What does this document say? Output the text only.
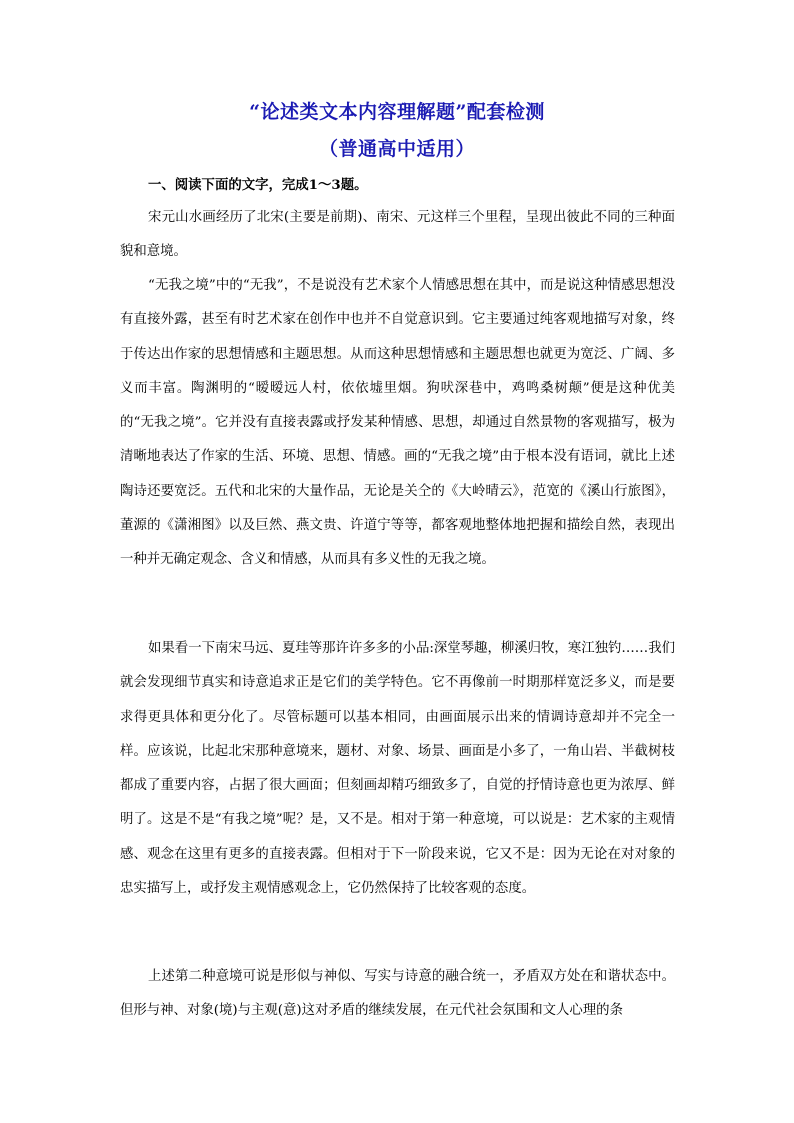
“论述类文本内容理解题”配套检测
（普通高中适用）
一、阅读下面的文字，完成1～3题。

宋元山水画经历了北宋(主要是前期)、南宋、元这样三个里程，呈现出彼此不同的三种面貌和意境。

“无我之境”中的“无我”，不是说没有艺术家个人情感思想在其中，而是说这种情感思想没有直接外露，甚至有时艺术家在创作中也并不自觉意识到。它主要通过纯客观地描写对象，终于传达出作家的思想情感和主题思想。从而这种思想情感和主题思想也就更为宽泛、广阔、多义而丰富。陶渊明的“暧暧远人村，依依墟里烟。狗吠深巷中，鸡鸣桑树颠”便是这种优美的“无我之境”。它并没有直接表露或抒发某种情感、思想，却通过自然景物的客观描写，极为清晰地表达了作家的生活、环境、思想、情感。画的“无我之境”由于根本没有语词，就比上述陶诗还要宽泛。五代和北宋的大量作品，无论是关仝的《大岭晴云》，范宽的《溪山行旅图》，董源的《潇湘图》以及巨然、燕文贵、许道宁等等，都客观地整体地把握和描绘自然，表现出一种并无确定观念、含义和情感，从而具有多义性的无我之境。

如果看一下南宋马远、夏珪等那许许多多的小品:深堂琴趣，柳溪归牧，寒江独钓……我们就会发现细节真实和诗意追求正是它们的美学特色。它不再像前一时期那样宽泛多义，而是要求得更具体和更分化了。尽管标题可以基本相同，由画面展示出来的情调诗意却并不完全一样。应该说，比起北宋那种意境来，题材、对象、场景、画面是小多了，一角山岩、半截树枝都成了重要内容，占据了很大画面；但刻画却精巧细致多了，自觉的抒情诗意也更为浓厚、鲜明了。这是不是“有我之境”呢？是，又不是。相对于第一种意境，可以说是：艺术家的主观情感、观念在这里有更多的直接表露。但相对于下一阶段来说，它又不是：因为无论在对对象的忠实描写上，或抒发主观情感观念上，它仍然保持了比较客观的态度。

上述第二种意境可说是形似与神似、写实与诗意的融合统一，矛盾双方处在和谐状态中。但形与神、对象(境)与主观(意)这对矛盾的继续发展，在元代社会氛围和文人心理的条
